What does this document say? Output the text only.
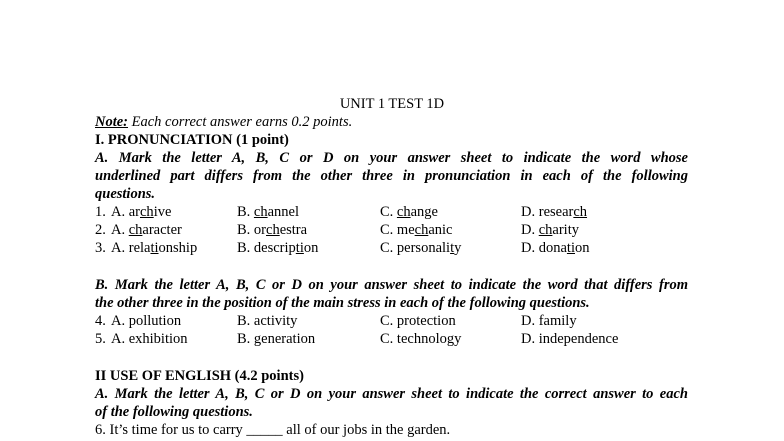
UNIT 1 TEST 1D
Note: Each correct answer earns 0.2 points.
I. PRONUNCIATION (1 point)
A. Mark the letter A, B, C or D on your answer sheet to indicate the word whose
underlined part differs from the other three in pronunciation in each of the following
questions.
1. A. archive	B. channel	C. change	D. research
2. A. character	B. orchestra	C. mechanic	D. charity
3. A. relationship	B. description	C. personality	D. donation
B. Mark the letter A, B, C or D on your answer sheet to indicate the word that differs from
the other three in the position of the main stress in each of the following questions.
4. A. pollution	B. activity	C. protection	D. family
5. A. exhibition	B. generation	C. technology	D. independence
II USE OF ENGLISH (4.2 points)
A. Mark the letter A, B, C or D on your answer sheet to indicate the correct answer to each
of the following questions.
6. It’s time for us to carry _____ all of our jobs in the garden.
